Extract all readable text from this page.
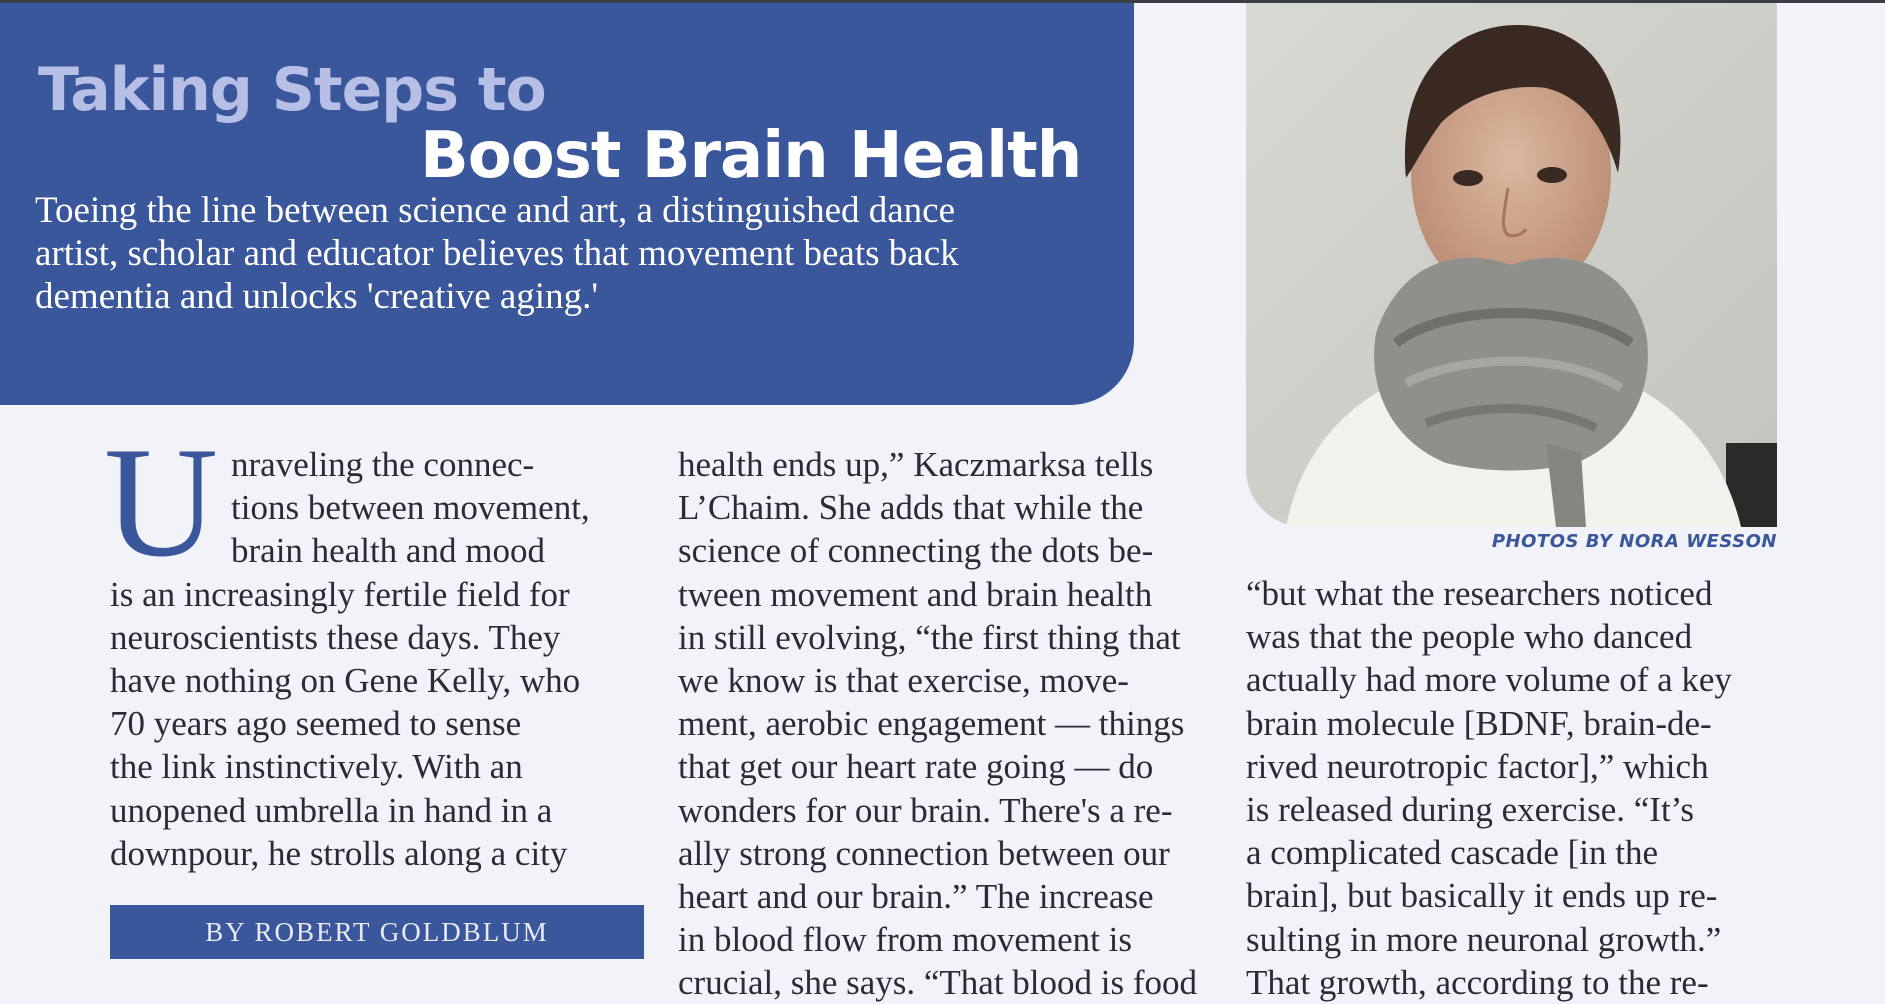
Taking Steps to
Boost Brain Health

Toeing the line between science and art, a distinguished dance artist, scholar and educator believes that movement beats back dementia and unlocks 'creative aging.'

PHOTOS BY NORA WESSON
U nraveling the connec-
tions between movement,
brain health and mood
is an increasingly fertile field for
neuroscientists these days. They
have nothing on Gene Kelly, who
70 years ago seemed to sense
the link instinctively. With an
unopened umbrella in hand in a
downpour, he strolls along a city
BY ROBERT GOLDBLUM
health ends up,” Kaczmarksa tells
L’Chaim. She adds that while the
science of connecting the dots be-
tween movement and brain health
in still evolving, “the first thing that
we know is that exercise, move-
ment, aerobic engagement — things
that get our heart rate going — do
wonders for our brain. There's a re-
ally strong connection between our
heart and our brain.” The increase
in blood flow from movement is
crucial, she says. “That blood is food
“but what the researchers noticed
was that the people who danced
actually had more volume of a key
brain molecule [BDNF, brain-de-
rived neurotropic factor],” which
is released during exercise. “It’s
a complicated cascade [in the
brain], but basically it ends up re-
sulting in more neuronal growth.”
That growth, according to the re-
